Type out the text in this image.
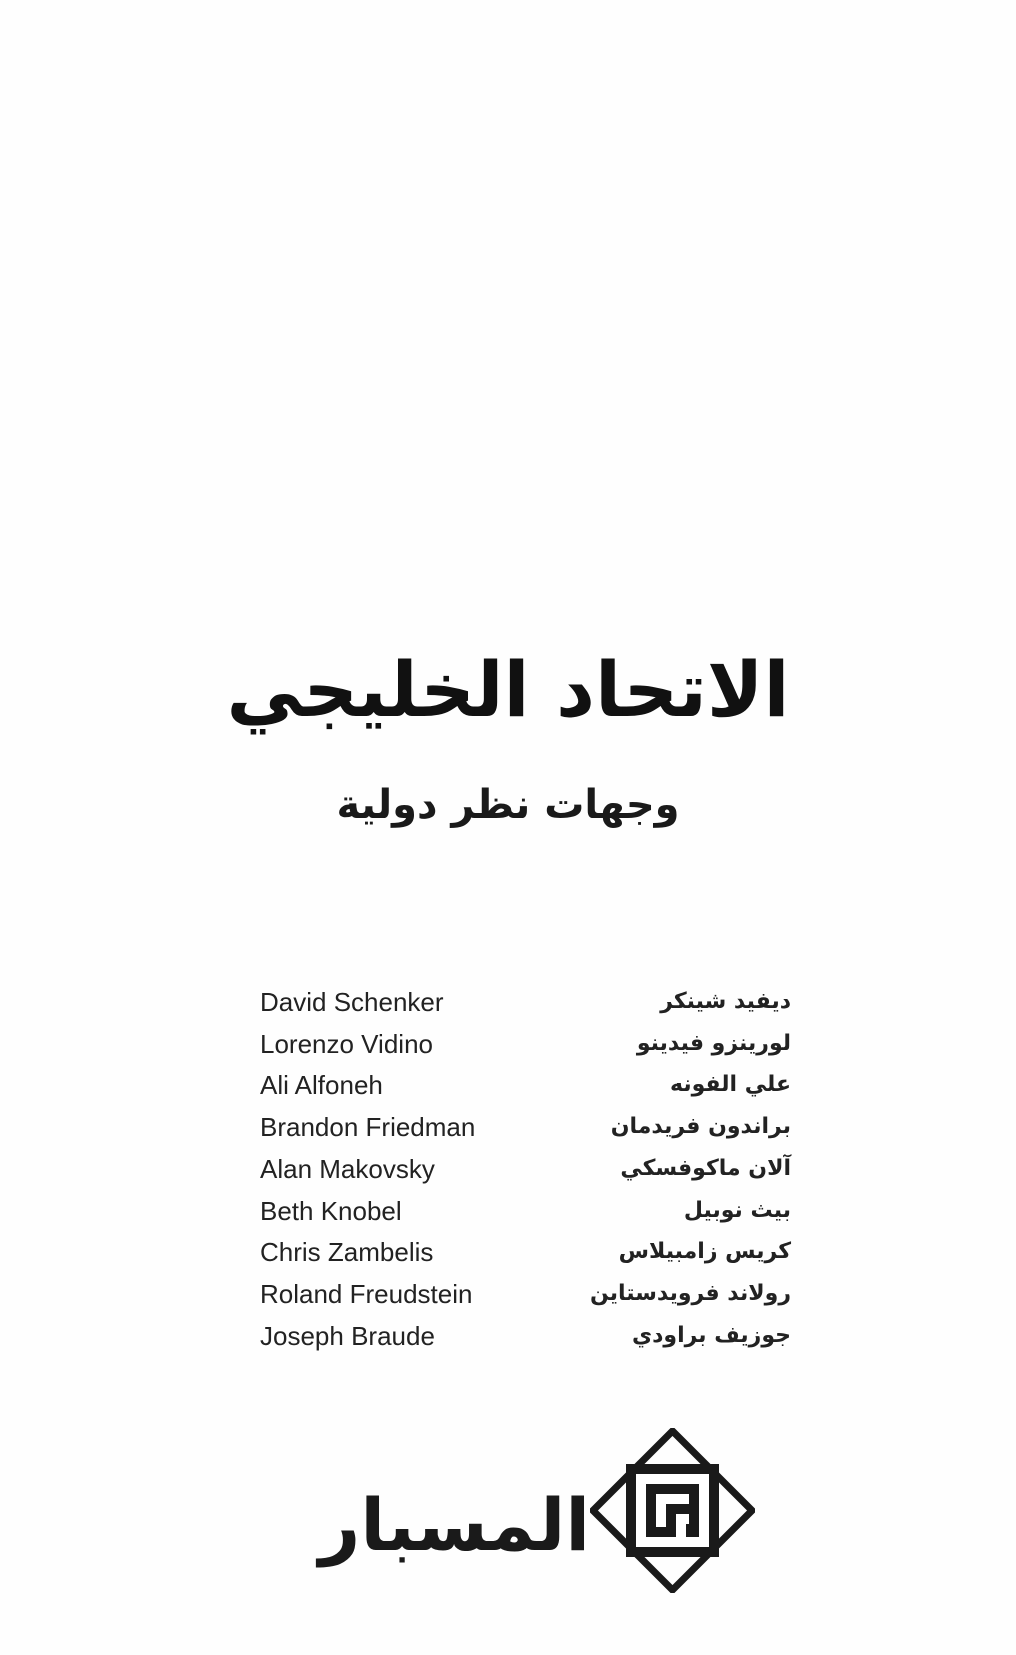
الاتحاد الخليجي
وجهات نظر دولية
David Schenker	ديفيد شينكر
Lorenzo Vidino	لورينزو فيدينو
Ali Alfoneh	علي الفونه
Brandon Friedman	براندون فريدمان
Alan Makovsky	آلان ماكوفسكي
Beth Knobel	بيث نوبيل
Chris Zambelis	كريس زامبيلاس
Roland Freudstein	رولاند فرويدستاين
Joseph Braude	جوزيف براودي
المسبار
